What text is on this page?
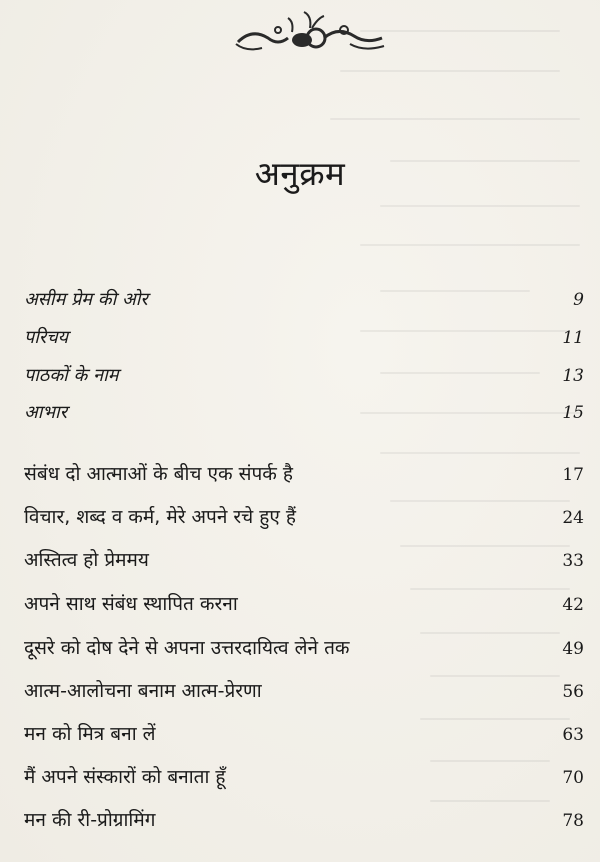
अनुक्रम
असीम प्रेम की ओर	9
परिचय	11
पाठकों के नाम	13
आभार	15
संबंध दो आत्माओं के बीच एक संपर्क है	17
विचार, शब्द व कर्म, मेरे अपने रचे हुए हैं	24
अस्तित्व हो प्रेममय	33
अपने साथ संबंध स्थापित करना	42
दूसरे को दोष देने से अपना उत्तरदायित्व लेने तक	49
आत्म-आलोचना बनाम आत्म-प्रेरणा	56
मन को मित्र बना लें	63
मैं अपने संस्कारों को बनाता हूँ	70
मन की री-प्रोग्रामिंग	78
